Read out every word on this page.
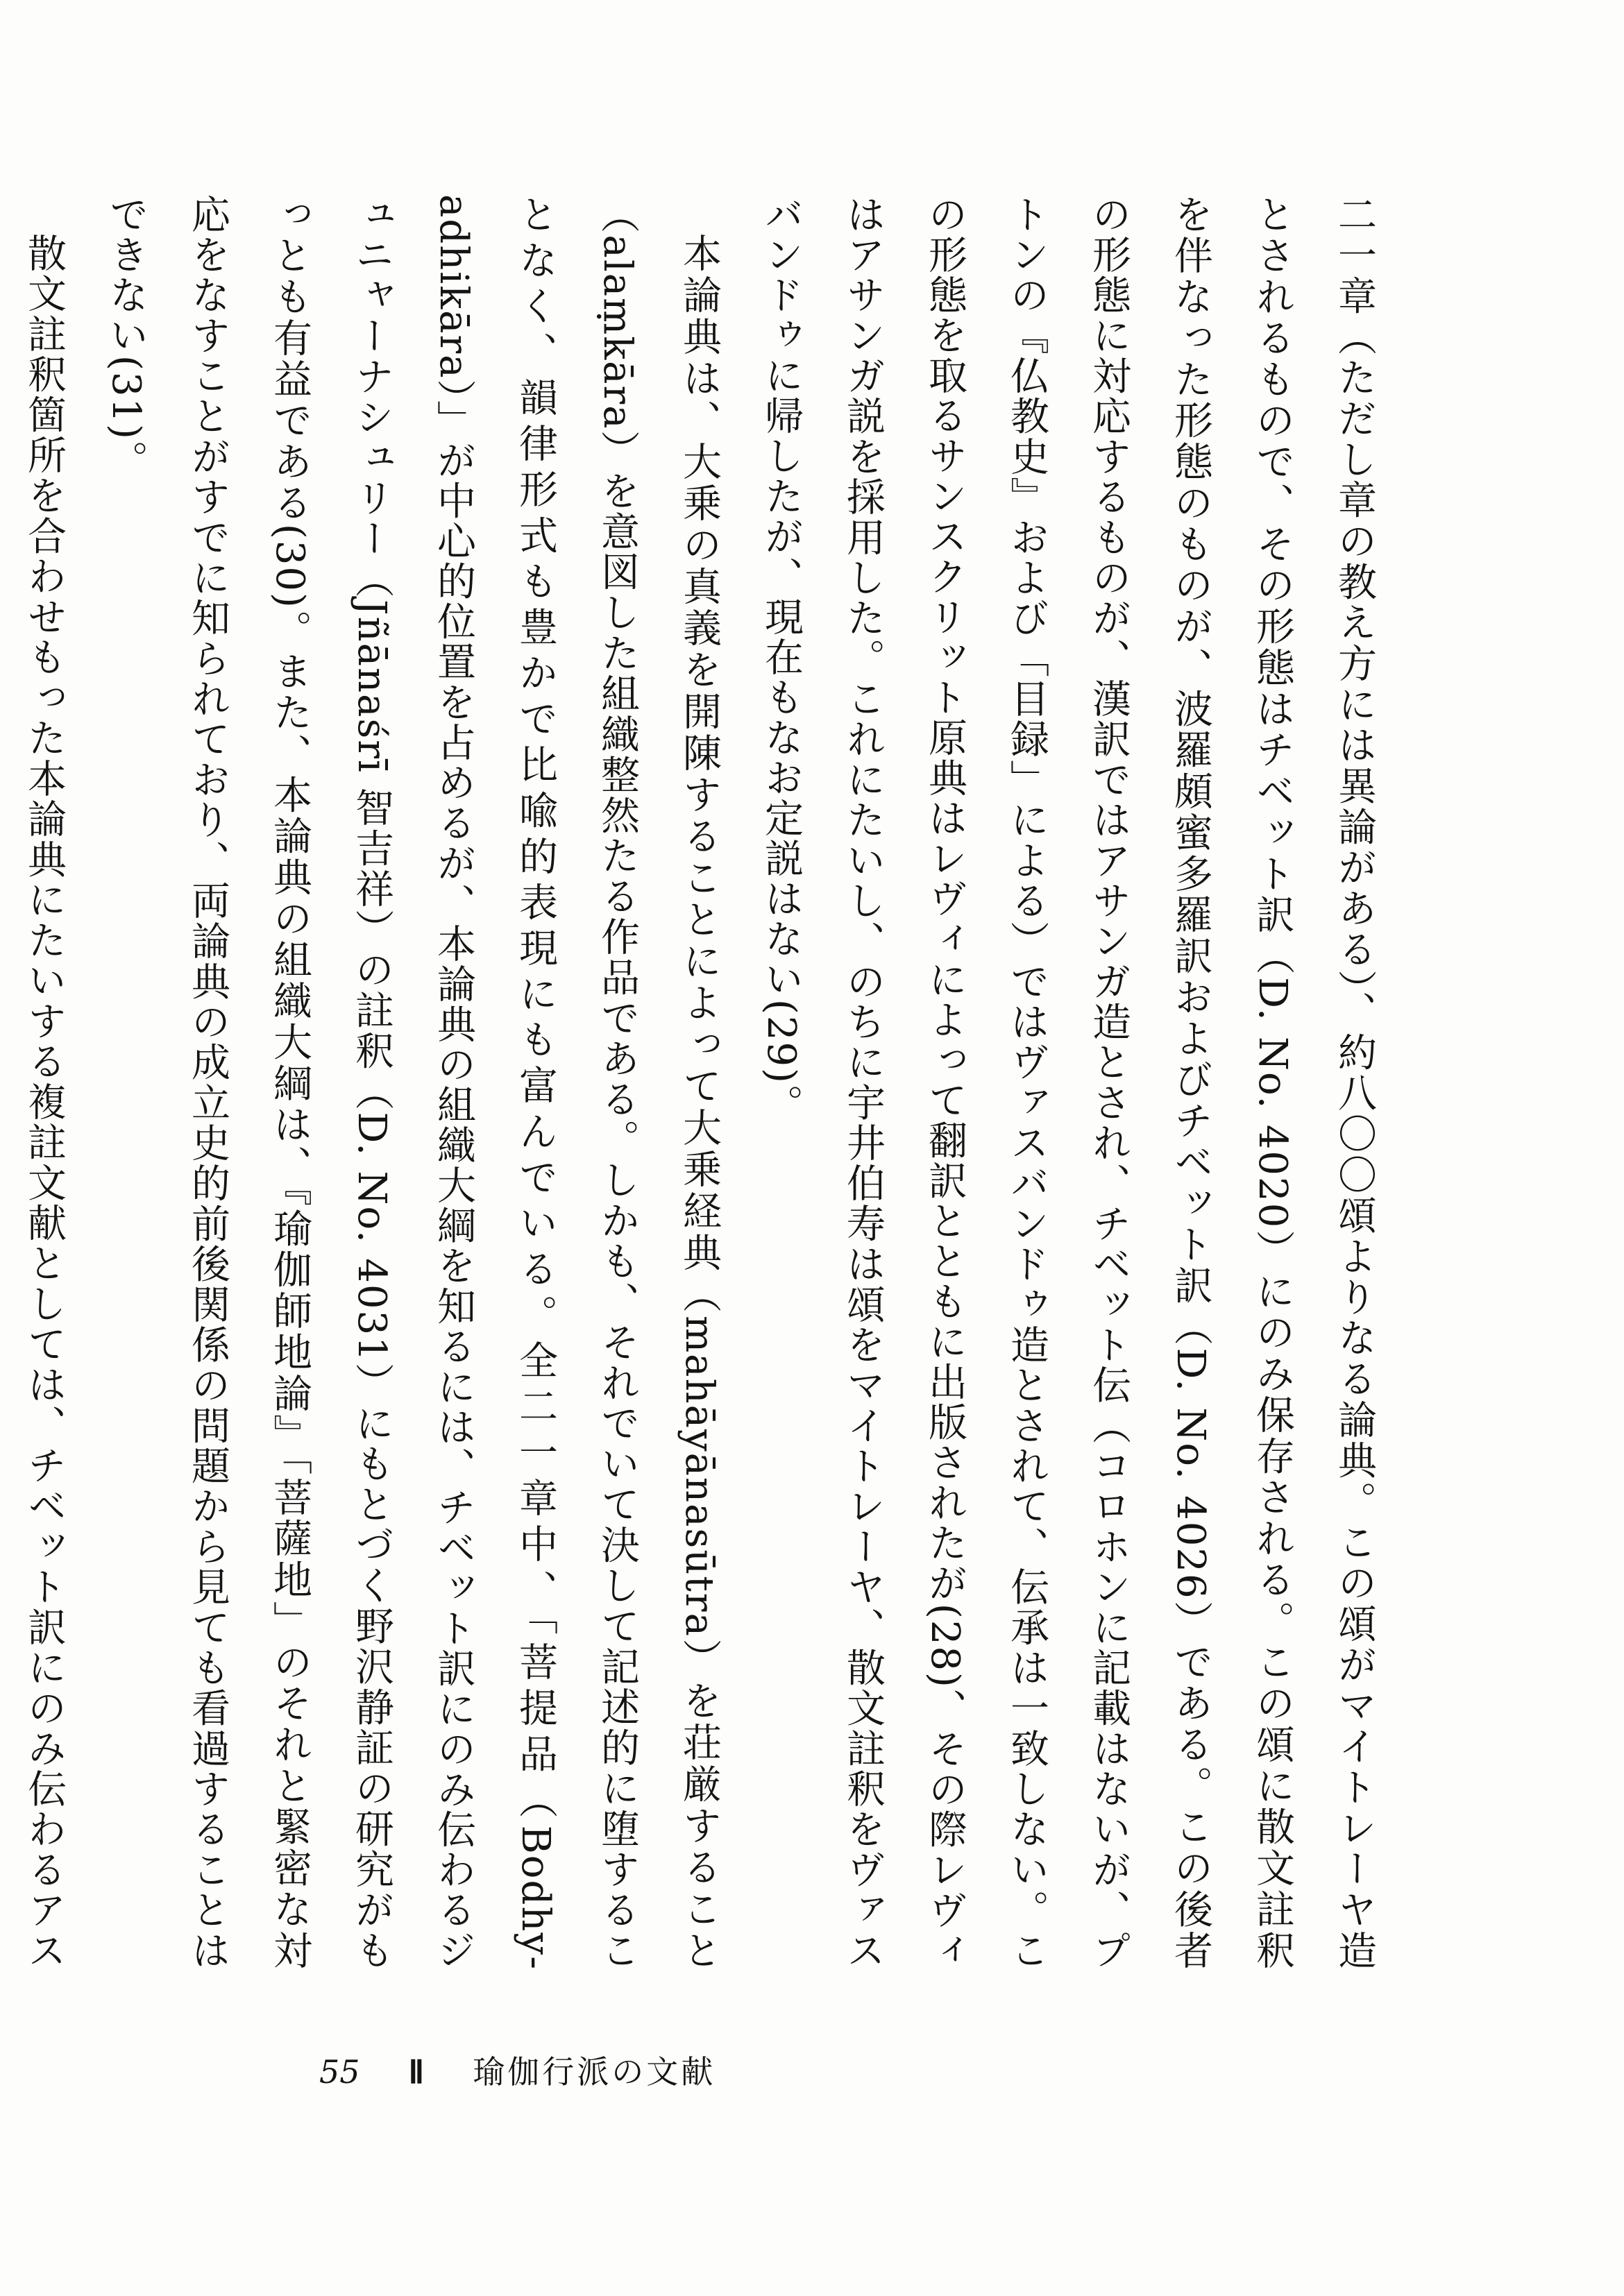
二一章（ただし章の教え方には異論がある）、約八〇〇頌よりなる論典。この頌がマイトレーヤ造とされるもので、その形態はチベット訳（D. No. 4020）にのみ保存される。この頌に散文註釈を伴なった形態のものが、波羅頗蜜多羅訳およびチベット訳（D. No. 4026）である。この後者の形態に対応するものが、漢訳ではアサンガ造とされ、チベット伝（コロホンに記載はないが、プトンの『仏教史』および「目録」による）ではヴァスバンドゥ造とされて、伝承は一致しない。この形態を取るサンスクリット原典はレヴィによって翻訳とともに出版されたが(28)、その際レヴィはアサンガ説を採用した。これにたいし、のちに宇井伯寿は頌をマイトレーヤ、散文註釈をヴァスバンドゥに帰したが、現在もなお定説はない(29)。

本論典は、大乗の真義を開陳することによって大乗経典（mahāyānasūtra）を荘厳すること（alaṃkāra）を意図した組織整然たる作品である。しかも、それでいて決して記述的に堕することなく、韻律形式も豊かで比喩的表現にも富んでいる。全二一章中、「菩提品（Bodhy-adhikāra）」が中心的位置を占めるが、本論典の組織大綱を知るには、チベット訳にのみ伝わるジュニャーナシュリー（Jñānaśrī 智吉祥）の註釈（D. No. 4031）にもとづく野沢静証の研究がもっとも有益である(30)。また、本論典の組織大綱は、『瑜伽師地論』「菩薩地」のそれと緊密な対応をなすことがすでに知られており、両論典の成立史的前後関係の問題から見ても看過することはできない(31)。

散文註釈箇所を合わせもった本論典にたいする複註文献としては、チベット訳にのみ伝わるアス

55 Ⅱ 瑜伽行派の文献
